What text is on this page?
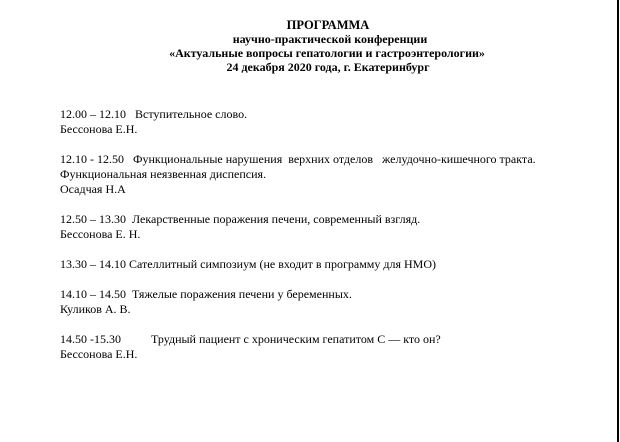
ПРОГРАММА
научно-практической конференции
«Актуальные вопросы гепатологии и гастроэнтерологии»
24 декабря 2020 года, г. Екатеринбург
12.00 – 12.10 Вступительное слово.
Бессонова Е.Н.
12.10 - 12.50 Функциональные нарушения  верхних отделов   желудочно-кишечного тракта.
Функциональная неязвенная диспепсия.
Осадчая Н.А
12.50 – 13.30 Лекарственные поражения печени, современный взгляд.
Бессонова Е. Н.
13.30 – 14.10 Сателлитный симпозиум (не входит в программу для НМО)
14.10 – 14.50 Тяжелые поражения печени у беременных.
Куликов А. В.
14.50 -15.30	Трудный пациент с хроническим гепатитом С — кто он?
Бессонова Е.Н.
